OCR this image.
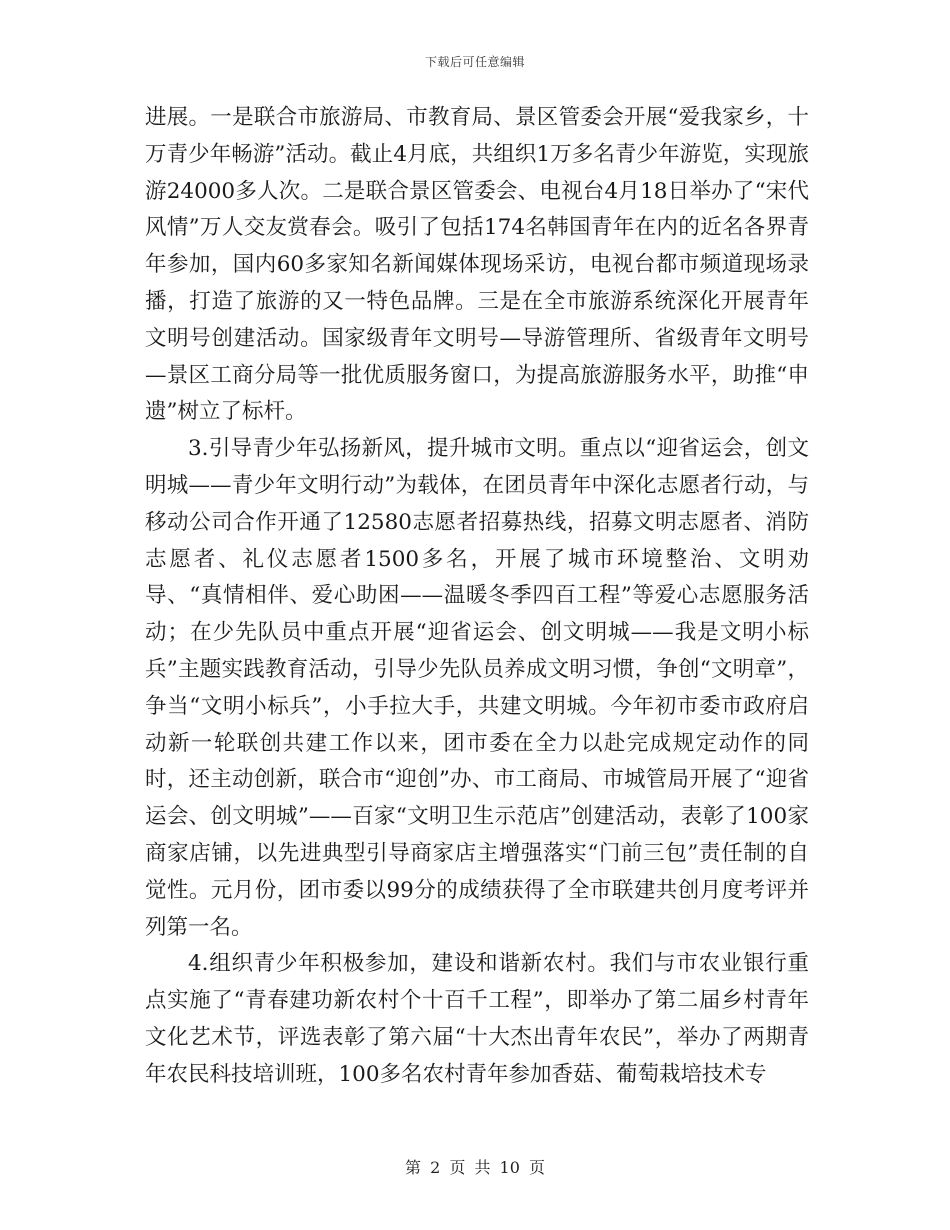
下载后可任意编辑

进展。一是联合市旅游局、市教育局、景区管委会开展“爱我家乡，十万青少年畅游”活动。截止4月底，共组织1万多名青少年游览，实现旅游24000多人次。二是联合景区管委会、电视台4月18日举办了“宋代风情”万人交友赏春会。吸引了包括174名韩国青年在内的近名各界青年参加，国内60多家知名新闻媒体现场采访，电视台都市频道现场录播，打造了旅游的又一特色品牌。三是在全市旅游系统深化开展青年文明号创建活动。国家级青年文明号—导游管理所、省级青年文明号—景区工商分局等一批优质服务窗口，为提高旅游服务水平，助推“申遗”树立了标杆。

3.引导青少年弘扬新风，提升城市文明。重点以“迎省运会，创文明城——青少年文明行动”为载体，在团员青年中深化志愿者行动，与移动公司合作开通了12580志愿者招募热线，招募文明志愿者、消防志愿者、礼仪志愿者1500多名，开展了城市环境整治、文明劝导、“真情相伴、爱心助困——温暖冬季四百工程”等爱心志愿服务活动；在少先队员中重点开展“迎省运会、创文明城——我是文明小标兵”主题实践教育活动，引导少先队员养成文明习惯，争创“文明章”，争当“文明小标兵”，小手拉大手，共建文明城。今年初市委市政府启动新一轮联创共建工作以来，团市委在全力以赴完成规定动作的同时，还主动创新，联合市“迎创”办、市工商局、市城管局开展了“迎省运会、创文明城”——百家“文明卫生示范店”创建活动，表彰了100家商家店铺，以先进典型引导商家店主增强落实“门前三包”责任制的自觉性。元月份，团市委以99分的成绩获得了全市联建共创月度考评并列第一名。

4.组织青少年积极参加，建设和谐新农村。我们与市农业银行重点实施了“青春建功新农村个十百千工程”，即举办了第二届乡村青年文化艺术节，评选表彰了第六届“十大杰出青年农民”，举办了两期青年农民科技培训班，100多名农村青年参加香菇、葡萄栽培技术专

第 2 页 共 10 页
